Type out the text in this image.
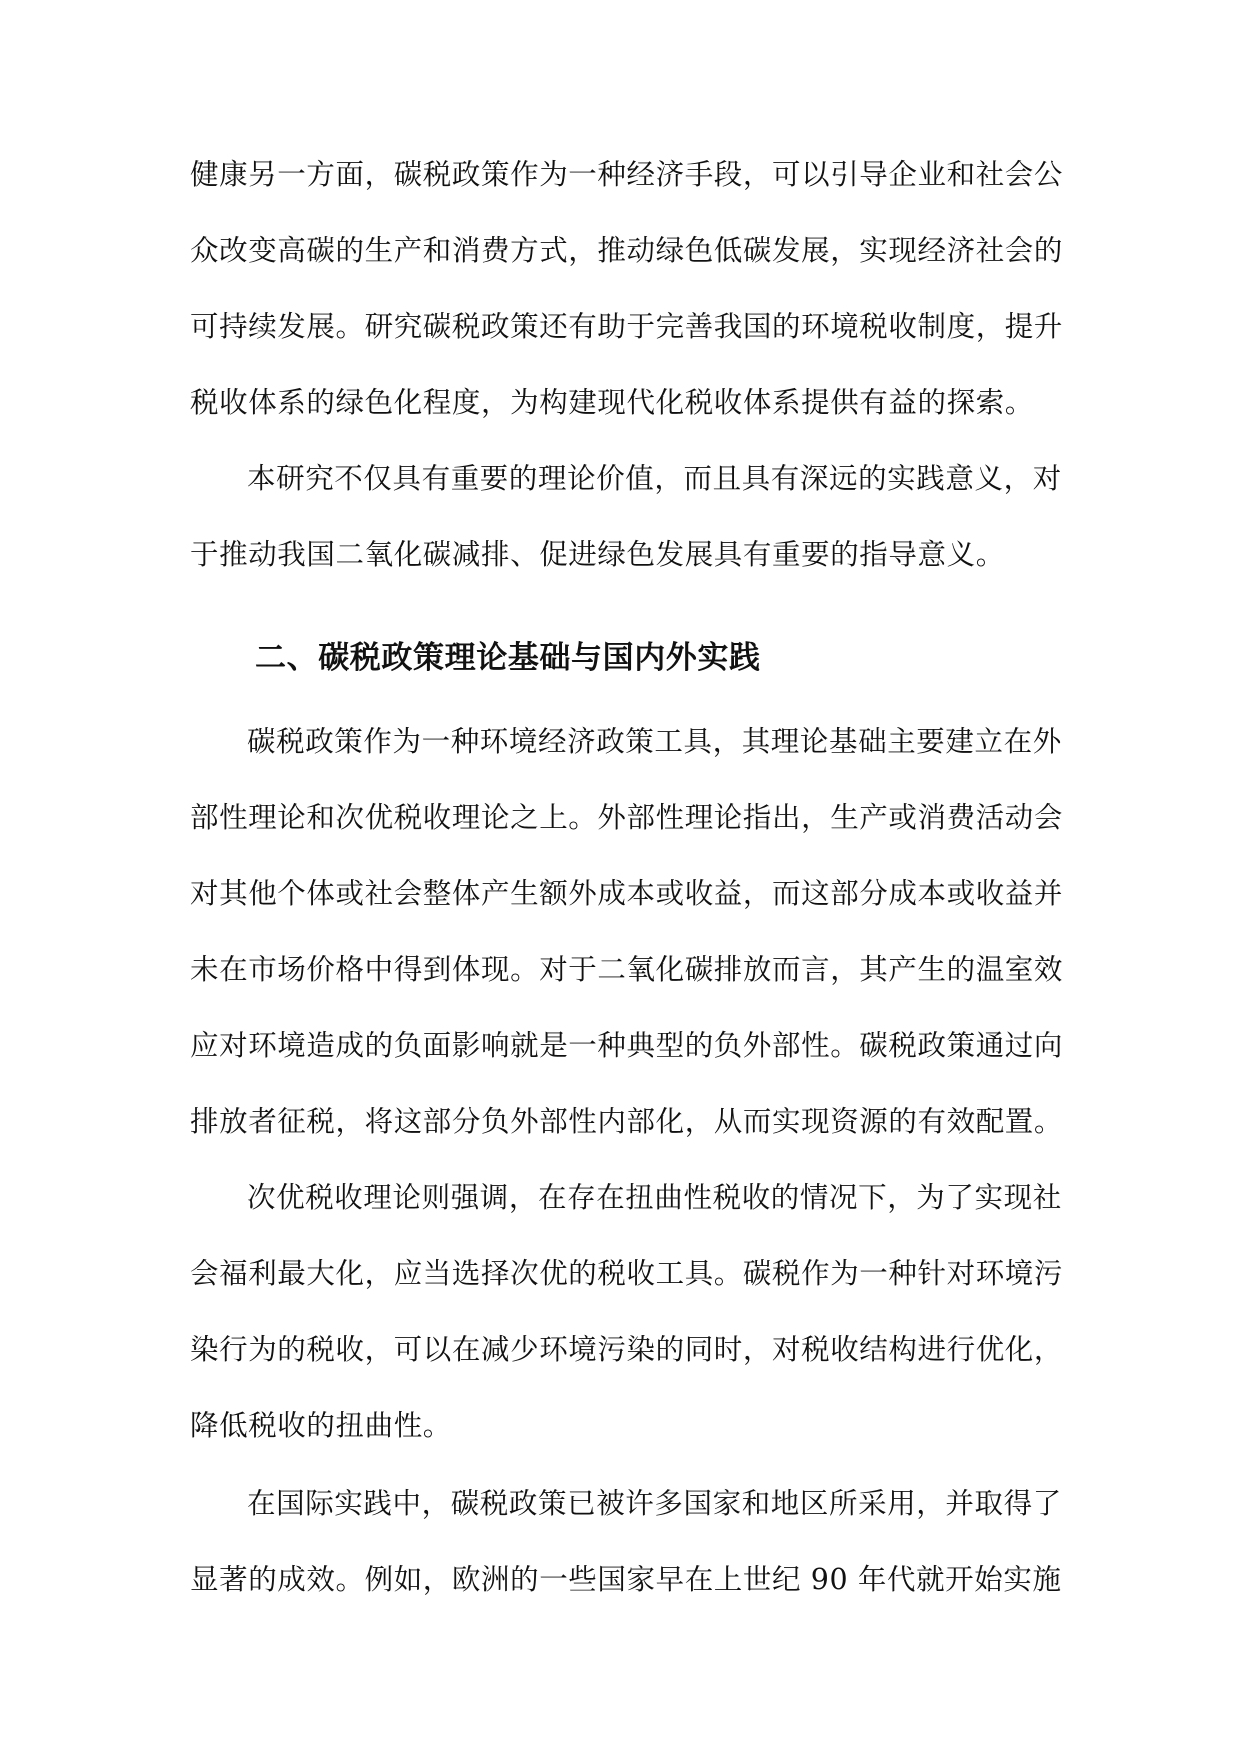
健康另一方面，碳税政策作为一种经济手段，可以引导企业和社会公
众改变高碳的生产和消费方式，推动绿色低碳发展，实现经济社会的
可持续发展。研究碳税政策还有助于完善我国的环境税收制度，提升
税收体系的绿色化程度，为构建现代化税收体系提供有益的探索。
本研究不仅具有重要的理论价值，而且具有深远的实践意义，对
于推动我国二氧化碳减排、促进绿色发展具有重要的指导意义。
二、碳税政策理论基础与国内外实践
碳税政策作为一种环境经济政策工具，其理论基础主要建立在外
部性理论和次优税收理论之上。外部性理论指出，生产或消费活动会
对其他个体或社会整体产生额外成本或收益，而这部分成本或收益并
未在市场价格中得到体现。对于二氧化碳排放而言，其产生的温室效
应对环境造成的负面影响就是一种典型的负外部性。碳税政策通过向
排放者征税，将这部分负外部性内部化，从而实现资源的有效配置。
次优税收理论则强调，在存在扭曲性税收的情况下，为了实现社
会福利最大化，应当选择次优的税收工具。碳税作为一种针对环境污
染行为的税收，可以在减少环境污染的同时，对税收结构进行优化，
降低税收的扭曲性。
在国际实践中，碳税政策已被许多国家和地区所采用，并取得了
显著的成效。例如，欧洲的一些国家早在上世纪 90 年代就开始实施
